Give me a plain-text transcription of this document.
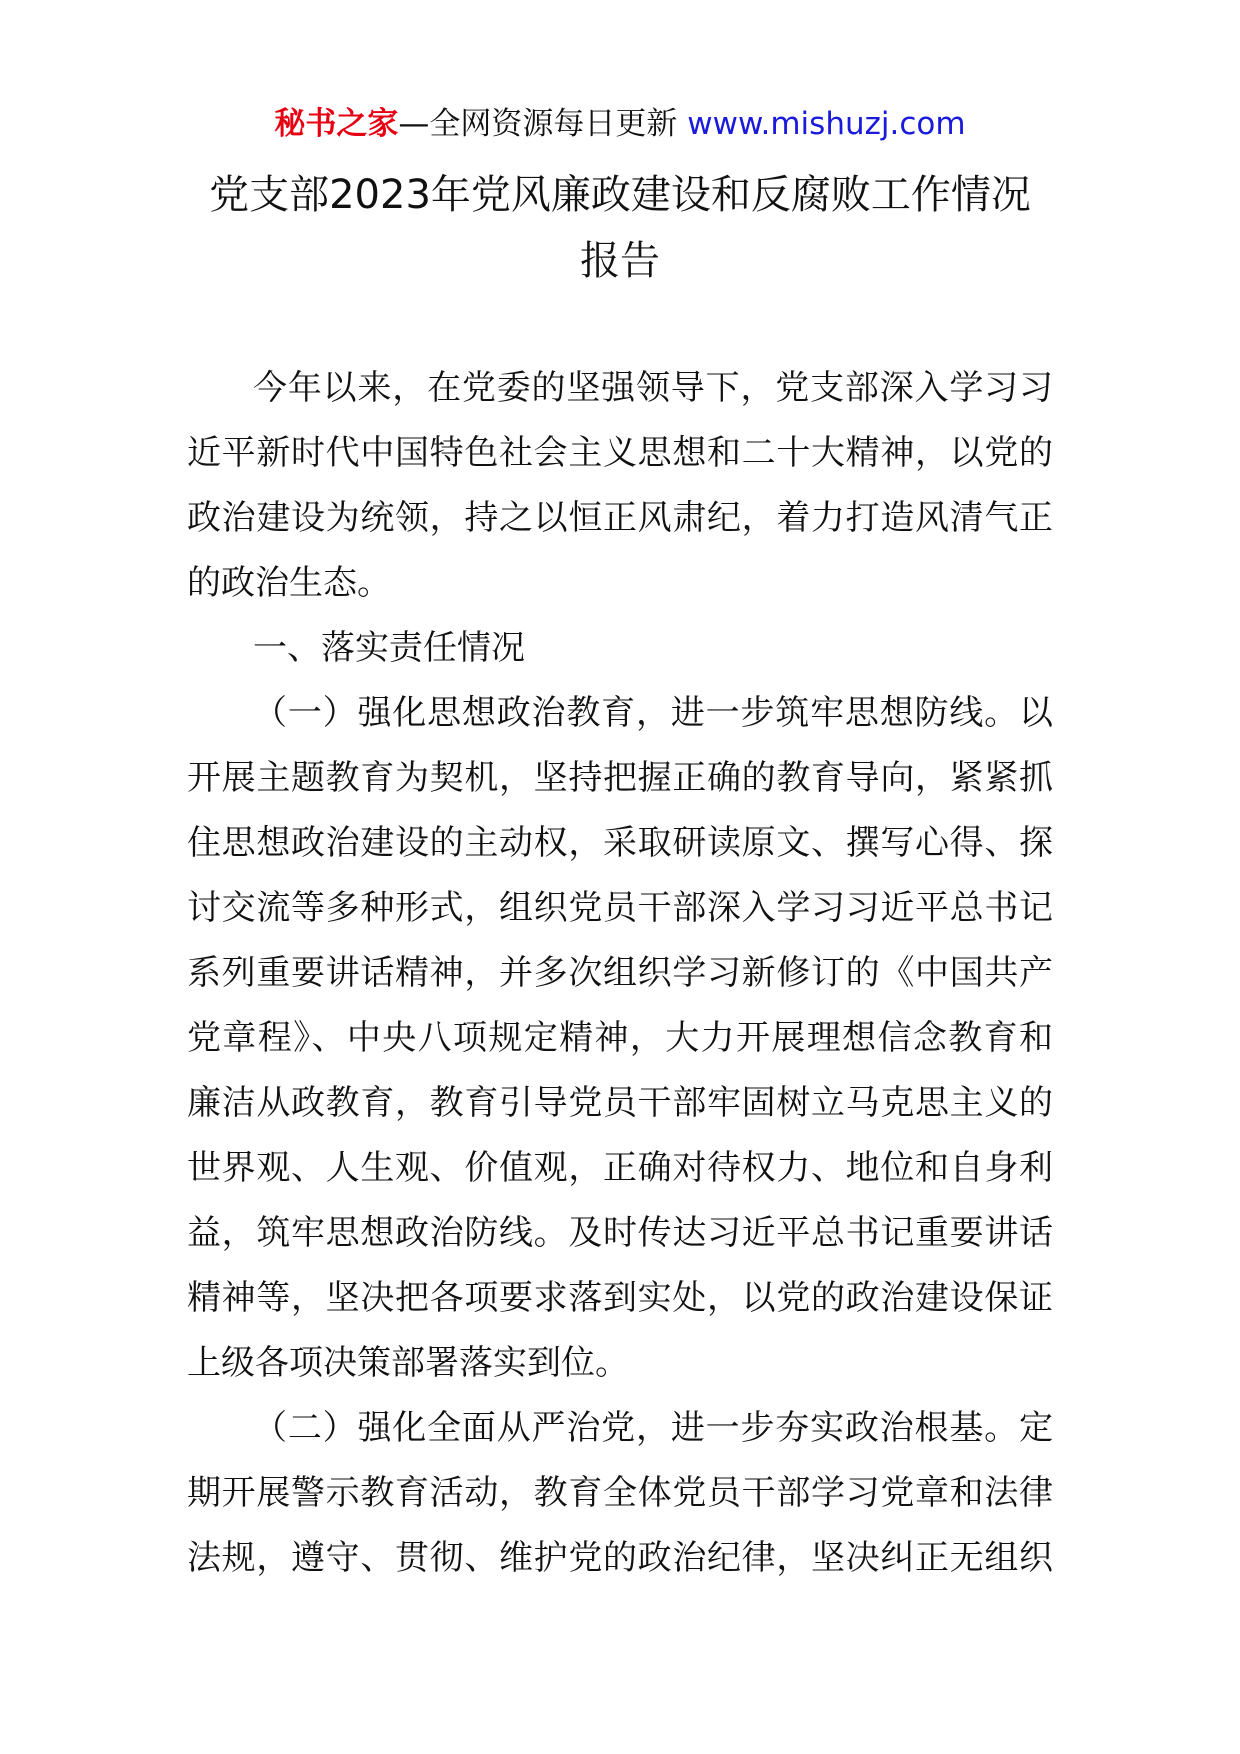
秘书之家—全网资源每日更新 www.mishuzj.com
党支部2023年党风廉政建设和反腐败工作情况
报告
今年以来，在党委的坚强领导下，党支部深入学习习
近平新时代中国特色社会主义思想和二十大精神，以党的
政治建设为统领，持之以恒正风肃纪，着力打造风清气正
的政治生态。
一、落实责任情况
（一）强化思想政治教育，进一步筑牢思想防线。以
开展主题教育为契机，坚持把握正确的教育导向，紧紧抓
住思想政治建设的主动权，采取研读原文、撰写心得、探
讨交流等多种形式，组织党员干部深入学习习近平总书记
系列重要讲话精神，并多次组织学习新修订的《中国共产
党章程》、中央八项规定精神，大力开展理想信念教育和
廉洁从政教育，教育引导党员干部牢固树立马克思主义的
世界观、人生观、价值观，正确对待权力、地位和自身利
益，筑牢思想政治防线。及时传达习近平总书记重要讲话
精神等，坚决把各项要求落到实处，以党的政治建设保证
上级各项决策部署落实到位。
（二）强化全面从严治党，进一步夯实政治根基。定
期开展警示教育活动，教育全体党员干部学习党章和法律
法规，遵守、贯彻、维护党的政治纪律，坚决纠正无组织
